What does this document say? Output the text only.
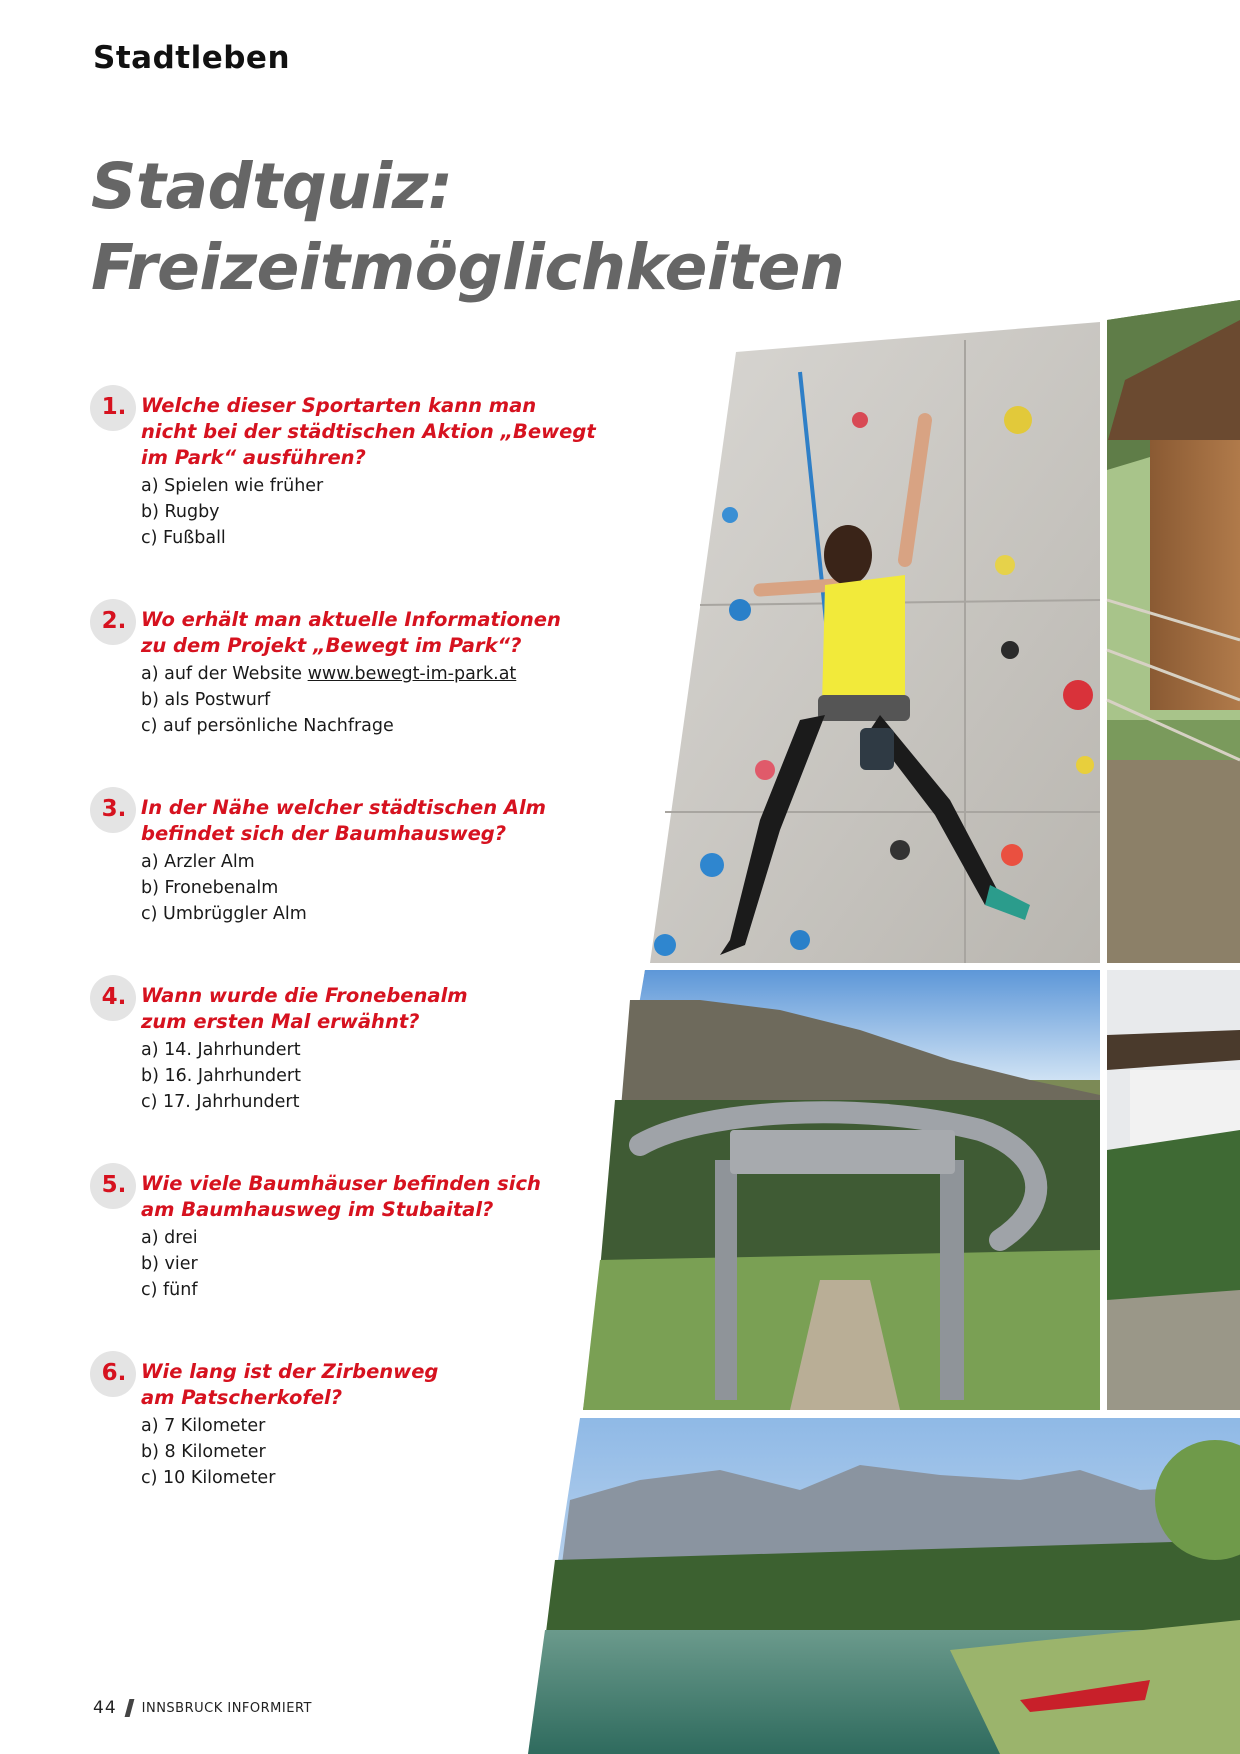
Stadtleben
Stadtquiz:
Freizeitmöglichkeiten
1. Welche dieser Sportarten kann man
nicht bei der städtischen Aktion „Bewegt
im Park“ ausführen?
a) Spielen wie früher
b) Rugby
c) Fußball
2. Wo erhält man aktuelle Informationen
zu dem Projekt „Bewegt im Park“?
a) auf der Website www.bewegt-im-park.at
b) als Postwurf
c) auf persönliche Nachfrage
3. In der Nähe welcher städtischen Alm
befindet sich der Baumhausweg?
a) Arzler Alm
b) Fronebenalm
c) Umbrüggler Alm
4. Wann wurde die Fronebenalm
zum ersten Mal erwähnt?
a) 14. Jahrhundert
b) 16. Jahrhundert
c) 17. Jahrhundert
5. Wie viele Baumhäuser befinden sich
am Baumhausweg im Stubaital?
a) drei
b) vier
c) fünf
6. Wie lang ist der Zirbenweg
am Patscherkofel?
a) 7 Kilometer
b) 8 Kilometer
c) 10 Kilometer
44 INNSBRUCK INFORMIERT
